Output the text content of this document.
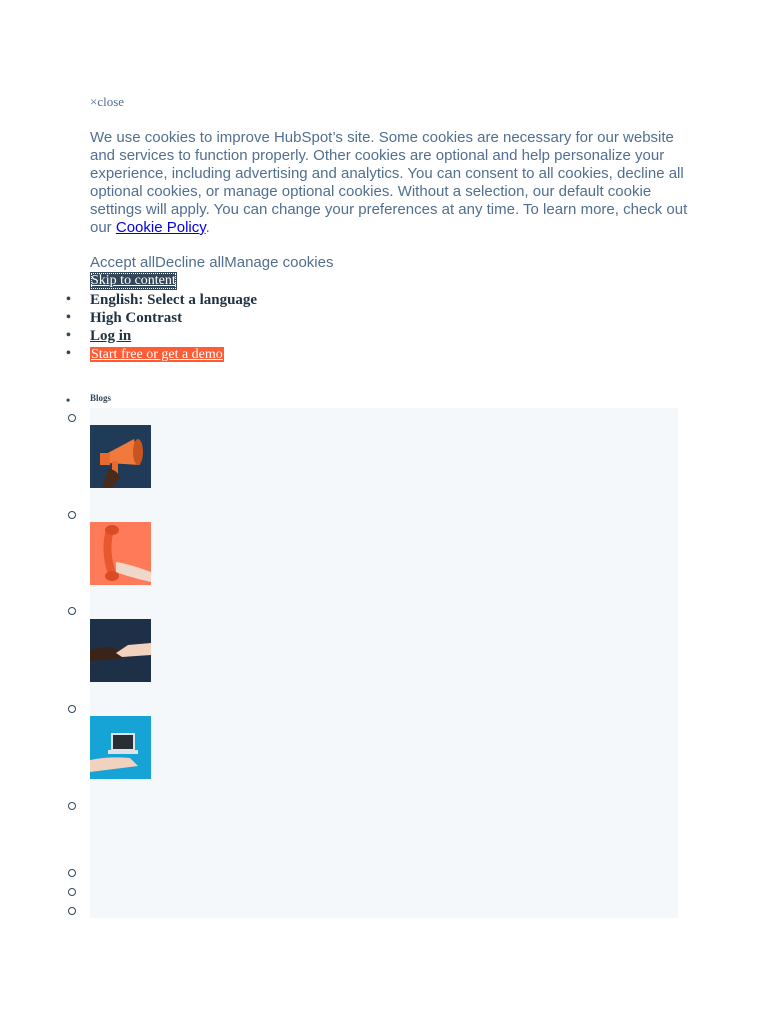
×close
We use cookies to improve HubSpot’s site. Some cookies are necessary for our website and services to function properly. Other cookies are optional and help personalize your experience, including advertising and analytics. You can consent to all cookies, decline all optional cookies, or manage optional cookies. Without a selection, our default cookie settings will apply. You can change your preferences at any time. To learn more, check out our Cookie Policy.
Accept allDecline allManage cookies
Skip to content
• English: Select a language
• High Contrast
• Log in
• Start free or get a demo
• Blogs
